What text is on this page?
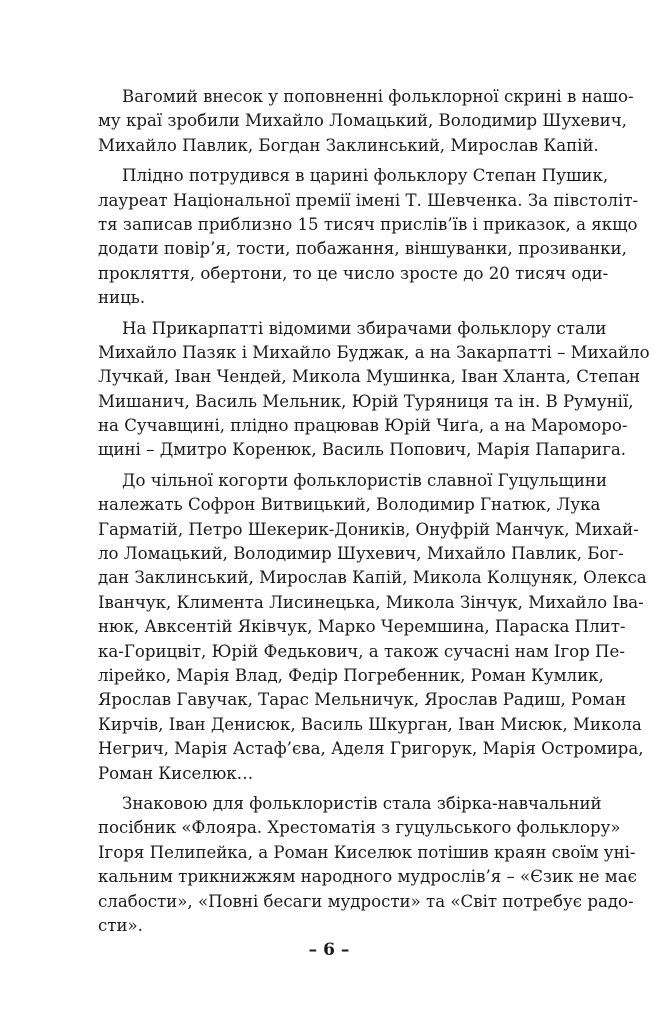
Вагомий внесок у поповненні фольклорної скрині в нашо-
му краї зробили Михайло Ломацький, Володимир Шухевич,
Михайло Павлик, Богдан Заклинський, Мирослав Капій.
Плідно потрудився в царині фольклору Степан Пушик,
лауреат Національної премії імені Т. Шевченка. За півстоліт-
тя записав приблизно 15 тисяч прислів’їв і приказок, а якщо
додати повір’я, тости, побажання, віншуванки, прозиванки,
прокляття, обертони, то це число зросте до 20 тисяч оди-
ниць.
На Прикарпатті відомими збирачами фольклору стали
Михайло Пазяк і Михайло Буджак, а на Закарпатті – Михайло
Лучкай, Іван Чендей, Микола Мушинка, Іван Хланта, Степан
Мишанич, Василь Мельник, Юрій Туряниця та ін. В Румунії,
на Сучавщині, плідно працював Юрій Чиґа, а на Мароморо-
щині – Дмитро Коренюк, Василь Попович, Марія Папарига.
До чільної когорти фольклористів славної Гуцульщини
належать Софрон Витвицький, Володимир Гнатюк, Лука
Гарматій, Петро Шекерик-Доників, Онуфрій Манчук, Михай-
ло Ломацький, Володимир Шухевич, Михайло Павлик, Бог-
дан Заклинський, Мирослав Капій, Микола Колцуняк, Олекса
Іванчук, Климента Лисинецька, Микола Зінчук, Михайло Іва-
нюк, Авксентій Яківчук, Марко Черемшина, Параска Плит-
ка-Горицвіт, Юрій Федькович, а також сучасні нам Ігор Пе-
лipейко, Марія Влад, Федір Погребенник, Роман Кумлик,
Ярослав Гавучак, Тарас Мельничук, Ярослав Радиш, Роман
Кирчів, Іван Денисюк, Василь Шкурган, Іван Мисюк, Микола
Негрич, Марія Астаф’єва, Аделя Григорук, Марія Остромира,
Роман Киселюк…
Знаковою для фольклористів стала збірка-навчальний
посібник «Флояра. Хрестоматія з гуцульського фольклору»
Ігоря Пелипейка, а Роман Киселюк потішив краян своїм уні-
кальним трикнижжям народного мудрослів’я – «Єзик не має
слабости», «Повні бесаги мудрости» та «Світ потребує радо-
сти».
– 6 –
